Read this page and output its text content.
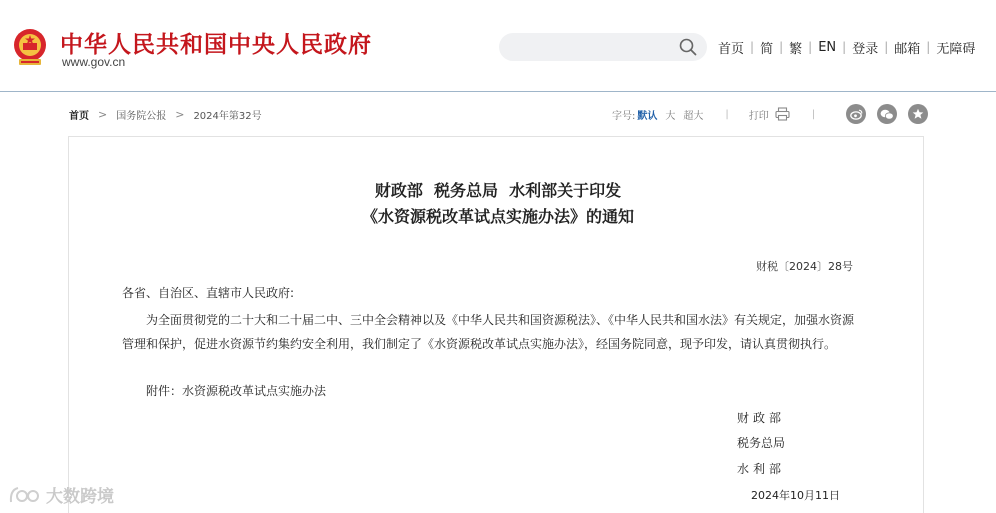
中华人民共和国中央人民政府
www.gov.cn
首页 | 简 | 繁 | EN | 登录 | 邮箱 | 无障碍
首页 > 国务院公报 > 2024年第32号	字号: 默认 大 超大 | 打印	|
财政部  税务总局  水利部关于印发
《水资源税改革试点实施办法》的通知
财税〔2024〕28号
各省、自治区、直辖市人民政府:

为全面贯彻党的二十大和二十届二中、三中全会精神以及《中华人民共和国资源税法》、《中华人民共和国水法》有关规定，加强水资源管理和保护，促进水资源节约集约安全利用，我们制定了《水资源税改革试点实施办法》，经国务院同意，现予印发，请认真贯彻执行。

附件：水资源税改革试点实施办法
财政部
税务总局
水利部
2024年10月11日
大数跨境
